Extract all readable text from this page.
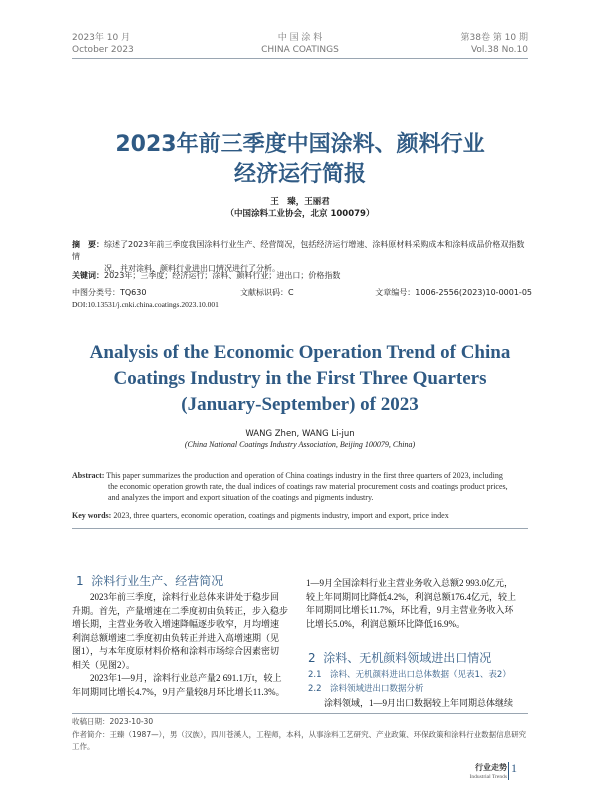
2023年 10 月
October 2023
中 国 涂 料
CHINA COATINGS
第38卷 第 10 期
Vol.38 No.10
2023年前三季度中国涂料、颜料行业
经济运行简报
王　臻，王丽君
（中国涂料工业协会，北京 100079）
摘　要：综述了2023年前三季度我国涂料行业生产、经营简况，包括经济运行增速、涂料原材料采购成本和涂料成品价格双指数情
况，并对涂料、颜料行业进出口情况进行了分析。
关键词：2023年；三季度；经济运行；涂料、颜料行业；进出口；价格指数
中图分类号：TQ630	文献标识码：C	文章编号：1006-2556(2023)10-0001-05
DOI:10.13531/j.cnki.china.coatings.2023.10.001
Analysis of the Economic Operation Trend of China
Coatings Industry in the First Three Quarters
(January-September) of 2023
WANG Zhen, WANG Li-jun
(China National Coatings Industry Association, Beijing 100079, China)
Abstract: This paper summarizes the production and operation of China coatings industry in the first three quarters of 2023, including
the economic operation growth rate, the dual indices of coatings raw material procurement costs and coatings product prices,
and analyzes the import and export situation of the coatings and pigments industry.
Key words: 2023, three quarters, economic operation, coatings and pigments industry, import and export, price index
1 涂料行业生产、经营简况
2023年前三季度，涂料行业总体来讲处于稳步回
升期。首先，产量增速在二季度初由负转正，步入稳步
增长期，主营业务收入增速降幅逐步收窄，月均增速
利润总额增速二季度初由负转正并进入高增速期（见
图1），与本年度原材料价格和涂料市场综合因素密切
相关（见图2）。
2023年1—9月，涂料行业总产量2 691.1万t，较上
年同期同比增长4.7%，9月产量较8月环比增长11.3%。
1—9月全国涂料行业主营业务收入总额2 993.0亿元，
较上年同期同比降低4.2%，利润总额176.4亿元，较上
年同期同比增长11.7%，环比看，9月主营业务收入环
比增长5.0%，利润总额环比降低16.9%。
2 涂料、无机颜料领域进出口情况
2.1　涂料、无机颜料进出口总体数据（见表1、表2）
2.2　涂料领域进出口数据分析
涂料领域，1—9月出口数据较上年同期总体继续
收稿日期：2023-10-30
作者简介：王臻（1987—），男（汉族），四川苍溪人，工程师，本科，从事涂料工艺研究、产业政策、环保政策和涂料行业数据信息研究工作。
行业走势
Industrial Trends
1
